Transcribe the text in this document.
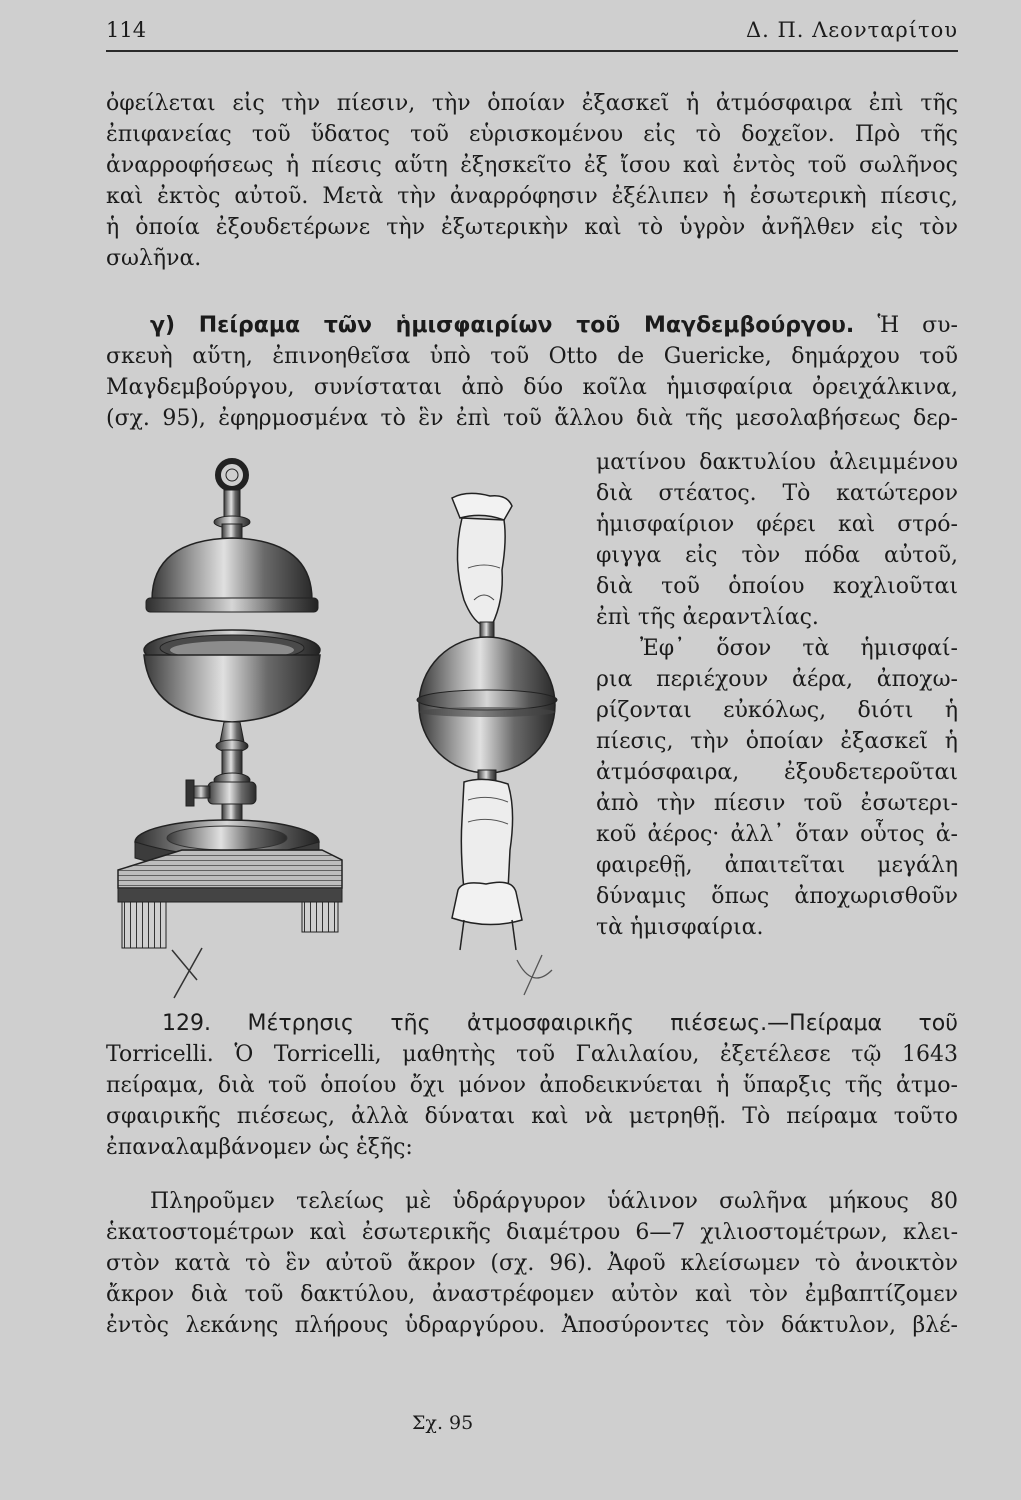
114	Δ. Π. Λεονταρίτου
ὀφείλεται εἰς τὴν πίεσιν, τὴν ὁποίαν ἐξασκεῖ ἡ ἀτμόσφαιρα ἐπὶ τῆς
ἐπιφανείας τοῦ ὕδατος τοῦ εὑρισκομένου εἰς τὸ δοχεῖον. Πρὸ τῆς
ἀναρροφήσεως ἡ πίεσις αὕτη ἐξησκεῖτο ἐξ ἴσου καὶ ἐντὸς τοῦ σωλῆνος
καὶ ἐκτὸς αὐτοῦ. Μετὰ τὴν ἀναρρόφησιν ἐξέλιπεν ἡ ἐσωτερικὴ πίεσις,
ἡ ὁποία ἐξουδετέρωνε τὴν ἐξωτερικὴν καὶ τὸ ὑγρὸν ἀνῆλθεν εἰς τὸν
σωλῆνα.
γ) Πείραμα τῶν ἡμισφαιρίων τοῦ Μαγδεμβούργου. Ἡ συ-
σκευὴ αὕτη, ἐπινοηθεῖσα ὑπὸ τοῦ Otto de Guericke, δημάρχου τοῦ
Μαγδεμβούργου, συνίσταται ἀπὸ δύο κοῖλα ἡμισφαίρια ὀρειχάλκινα,
(σχ. 95), ἐφηρμοσμένα τὸ ἓν ἐπὶ τοῦ ἄλλου διὰ τῆς μεσολαβήσεως δερ-
ματίνου δακτυλίου ἀλειμμένου
διὰ στέατος. Τὸ κατώτερον
ἡμισφαίριον φέρει καὶ στρό-
φιγγα εἰς τὸν πόδα αὐτοῦ,
διὰ τοῦ ὁποίου κοχλιοῦται
ἐπὶ τῆς ἀεραντλίας.
Ἐφ᾽ ὅσον τὰ ἡμισφαί-
ρια περιέχουν ἀέρα, ἀποχω-
ρίζονται εὐκόλως, διότι ἡ
πίεσις, τὴν ὁποίαν ἐξασκεῖ ἡ
ἀτμόσφαιρα, ἐξουδετεροῦται
ἀπὸ τὴν πίεσιν τοῦ ἐσωτερι-
κοῦ ἀέρος· ἀλλ᾽ ὅταν οὗτος ἀ-
φαιρεθῇ, ἀπαιτεῖται μεγάλη
δύναμις ὅπως ἀποχωρισθοῦν
τὰ ἡμισφαίρια.
Σχ. 95
129. Μέτρησις τῆς ἀτμοσφαιρικῆς πιέσεως.—Πείραμα τοῦ
Torricelli. Ὁ Torricelli, μαθητὴς τοῦ Γαλιλαίου, ἐξετέλεσε τῷ 1643
πείραμα, διὰ τοῦ ὁποίου ὄχι μόνον ἀποδεικνύεται ἡ ὕπαρξις τῆς ἀτμο-
σφαιρικῆς πιέσεως, ἀλλὰ δύναται καὶ νὰ μετρηθῇ. Τὸ πείραμα τοῦτο
ἐπαναλαμβάνομεν ὡς ἑξῆς:
Πληροῦμεν τελείως μὲ ὑδράργυρον ὑάλινον σωλῆνα μήκους 80
ἑκατοστομέτρων καὶ ἐσωτερικῆς διαμέτρου 6—7 χιλιοστομέτρων, κλει-
στὸν κατὰ τὸ ἓν αὐτοῦ ἄκρον (σχ. 96). Ἀφοῦ κλείσωμεν τὸ ἀνοικτὸν
ἄκρον διὰ τοῦ δακτύλου, ἀναστρέφομεν αὐτὸν καὶ τὸν ἐμβαπτίζομεν
ἐντὸς λεκάνης πλήρους ὑδραργύρου. Ἀποσύροντες τὸν δάκτυλον, βλέ-
